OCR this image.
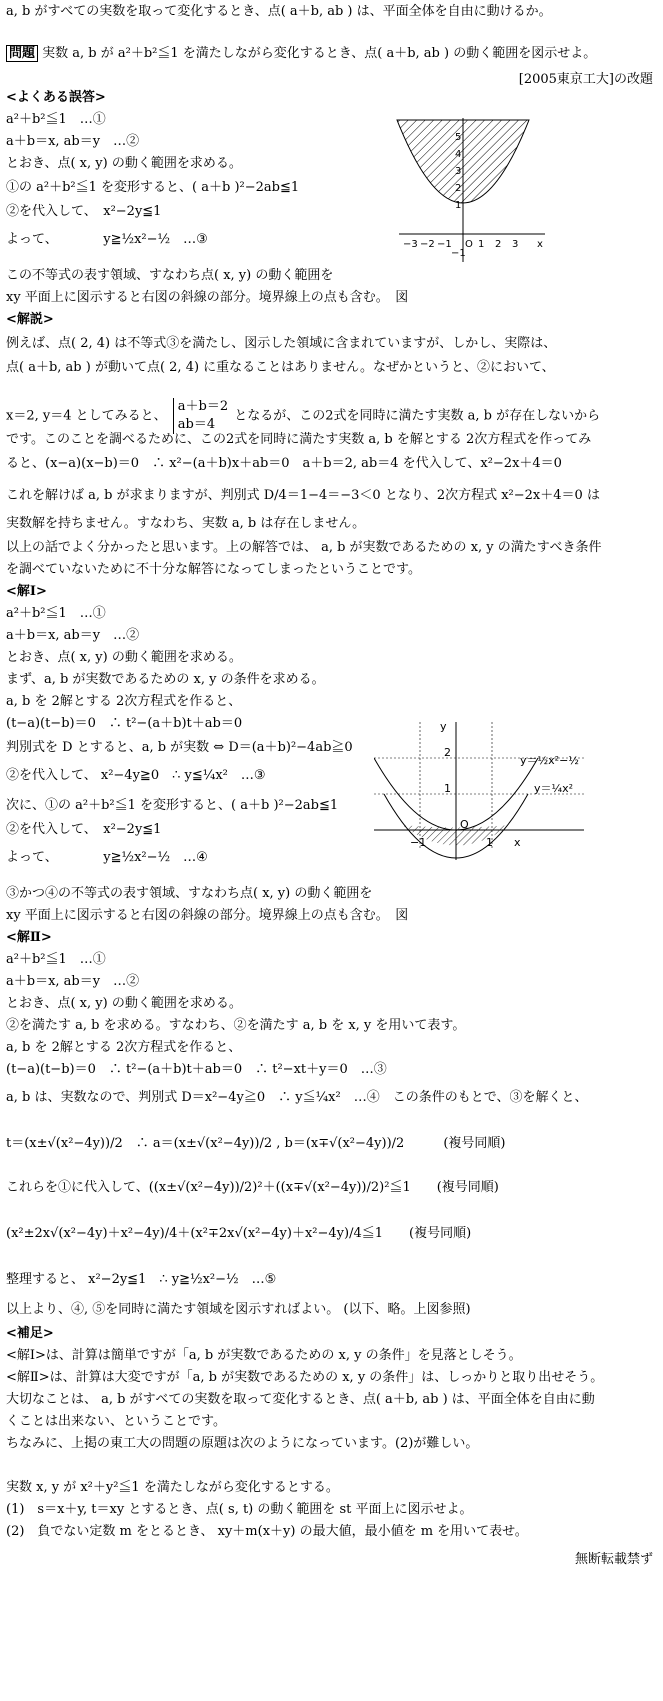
a, b がすべての実数を取って変化するとき、点( a＋b, ab ) は、平面全体を自由に動けるか。
問題 実数 a, b が a²＋b²≦1 を満たしながら変化するとき、点( a＋b, ab ) の動く範囲を図示せよ。
[2005東京工大]の改題
<よくある誤答>
a²＋b²≦1　…①
a＋b＝x, ab＝y　…②
とおき、点( x, y) の動く範囲を求める。
①の a²＋b²≦1 を変形すると、( a＋b )²−2ab≦1
②を代入して、　x²−2y≦1
よって、　　　　y≧½x²−½　…③
この不等式の表す領域、すなわち点( x, y) の動く範囲を
xy 平面上に図示すると右図の斜線の部分。境界線上の点も含む。　図
x
−3 −2 −1 O 1 2 3
5
4
3
2
1
−1
<解説>
例えば、点( 2, 4) は不等式③を満たし、図示した領域に含まれていますが、しかし、実際は、
点( a＋b, ab ) が動いて点( 2, 4) に重なることはありません。なぜかというと、②において、
x＝2, y＝4 としてみると、
a＋b＝2
ab＝4
となるが、この2式を同時に満たす実数 a, b が存在しないから
です。このことを調べるために、この2式を同時に満たす実数 a, b を解とする 2次方程式を作ってみ
ると、(x−a)(x−b)＝0　∴ x²−(a＋b)x＋ab＝0　a＋b＝2, ab＝4 を代入して、x²−2x＋4＝0
これを解けば a, b が求まりますが、判別式 D/4＝1−4＝−3＜0 となり、2次方程式 x²−2x＋4＝0 は
実数解を持ちません。すなわち、実数 a, b は存在しません。
以上の話でよく分かったと思います。上の解答では、 a, b が実数であるための x, y の満たすべき条件
を調べていないために不十分な解答になってしまったということです。
<解Ⅰ>
a²＋b²≦1　…①
a＋b＝x, ab＝y　…②
とおき、点( x, y) の動く範囲を求める。
まず、a, b が実数であるための x, y の条件を求める。
a, b を 2解とする 2次方程式を作ると、
(t−a)(t−b)＝0　∴ t²−(a＋b)t＋ab＝0
判別式を D とすると、a, b が実数 ⇔ D＝(a＋b)²−4ab≧0
②を代入して、 x²−4y≧0　∴ y≦¼x²　…③
次に、①の a²＋b²≦1 を変形すると、( a＋b )²−2ab≦1
②を代入して、　x²−2y≦1
よって、　　　　y≧½x²−½　…④
③かつ④の不等式の表す領域、すなわち点( x, y) の動く範囲を
xy 平面上に図示すると右図の斜線の部分。境界線上の点も含む。　図
x
y
−1
O
1
2
1
y＝½x²−½
y＝¼x²
<解Ⅱ>
a²＋b²≦1　…①
a＋b＝x, ab＝y　…②
とおき、点( x, y) の動く範囲を求める。
②を満たす a, b を求める。すなわち、②を満たす a, b を x, y を用いて表す。
a, b を 2解とする 2次方程式を作ると、
(t−a)(t−b)＝0　∴ t²−(a＋b)t＋ab＝0　∴ t²−xt＋y＝0　…③
a, b は、実数なので、判別式 D＝x²−4y≧0　∴ y≦¼x²　…④　この条件のもとで、③を解くと、
t＝(x±√(x²−4y))/2　∴ a＝(x±√(x²−4y))/2 , b＝(x∓√(x²−4y))/2　　　(複号同順)
これらを①に代入して、((x±√(x²−4y))/2)²＋((x∓√(x²−4y))/2)²≦1　　(複号同順)
(x²±2x√(x²−4y)＋x²−4y)/4＋(x²∓2x√(x²−4y)＋x²−4y)/4≦1　　(複号同順)
整理すると、 x²−2y≦1　∴ y≧½x²−½　…⑤
以上より、④, ⑤を同時に満たす領域を図示すればよい。 (以下、略。上図参照)
<補足>
<解Ⅰ>は、計算は簡単ですが「a, b が実数であるための x, y の条件」を見落としそう。
<解Ⅱ>は、計算は大変ですが「a, b が実数であるための x, y の条件」は、しっかりと取り出せそう。
大切なことは、 a, b がすべての実数を取って変化するとき、点( a＋b, ab ) は、平面全体を自由に動
くことは出来ない、ということです。
ちなみに、上掲の東工大の問題の原題は次のようになっています。(2)が難しい。
実数 x, y が x²＋y²≦1 を満たしながら変化するとする。
(1)　s＝x＋y, t＝xy とするとき、点( s, t) の動く範囲を st 平面上に図示せよ。
(2)　負でない定数 m をとるとき、 xy＋m(x＋y) の最大値，最小値を m を用いて表せ。
無断転載禁ず
